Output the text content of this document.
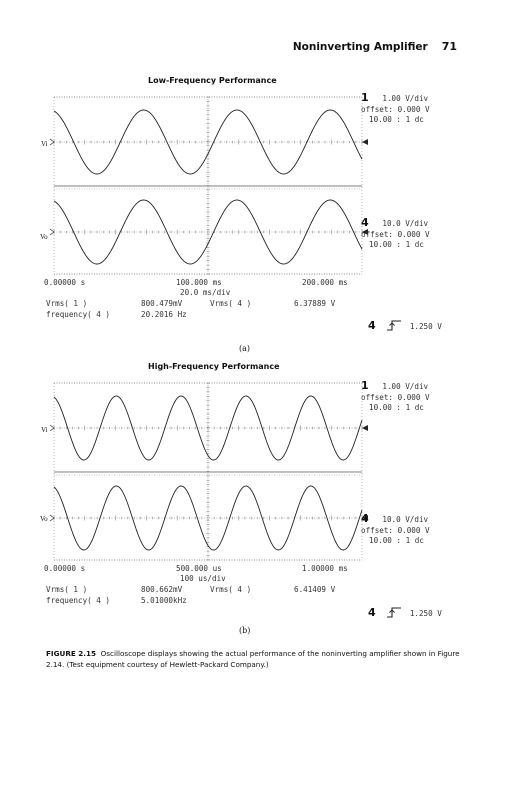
Noninverting Amplifier 71
Low-Frequency Performance
Vi
Vo
1 1.00 V/div
offset: 0.000 V
10.00 : 1 dc
4 10.0 V/div
offset: 0.000 V
10.00 : 1 dc
0.00000 s	100.000 ms	200.000 ms
20.0 ms/div
Vrms( 1 )	800.479mV	Vrms( 4 )	6.37889 V
frequency( 4 )	20.2016 Hz
4	1.250 V
(a)
High-Frequency Performance
Vi
Vo
1 1.00 V/div
offset: 0.000 V
10.00 : 1 dc
4 10.0 V/div
offset: 0.000 V
10.00 : 1 dc
0.00000 s	500.000 us	1.00000 ms
100 us/div
Vrms( 1 )	800.662mV	Vrms( 4 )	6.41409 V
frequency( 4 )	5.01000kHz
4	1.250 V
(b)
FIGURE 2.15 Oscilloscope displays showing the actual performance of the noninverting amplifier shown in Figure 2.14. (Test equipment courtesy of Hewlett-Packard Company.)
